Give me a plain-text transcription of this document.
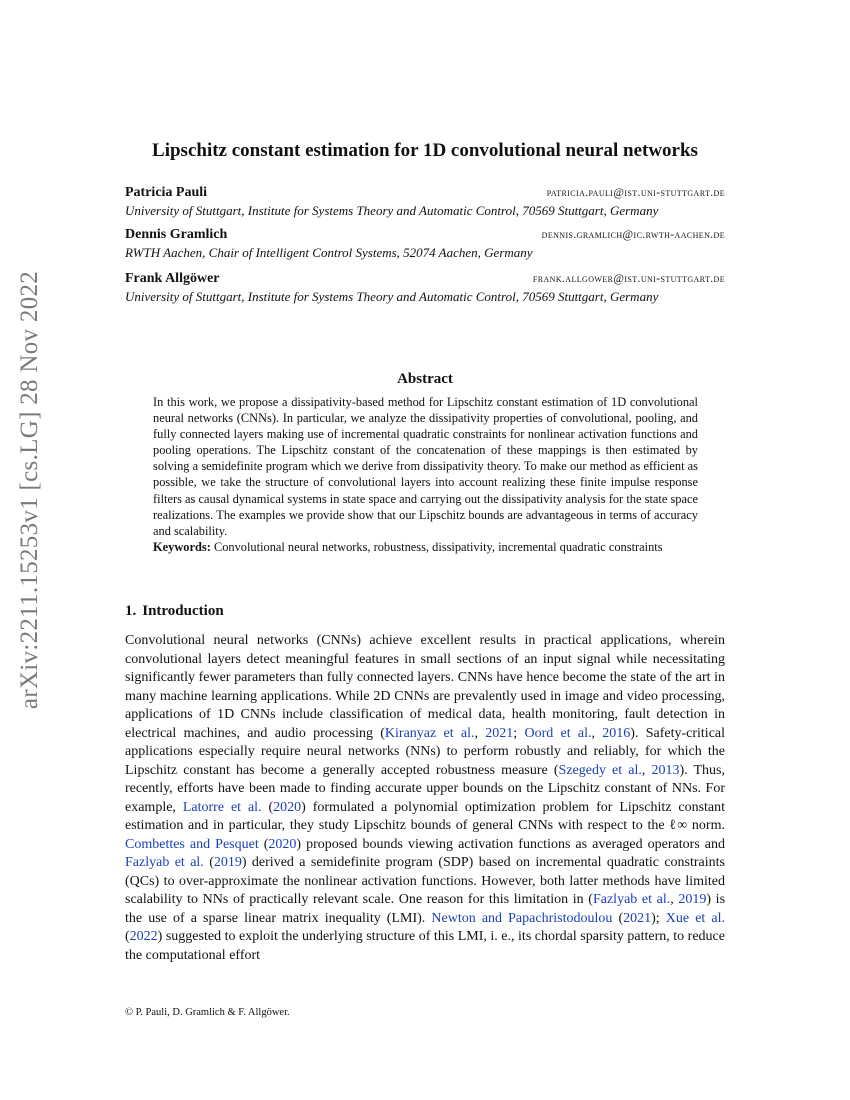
arXiv:2211.15253v1 [cs.LG] 28 Nov 2022
Lipschitz constant estimation for 1D convolutional neural networks
Patricia Pauli	patricia.pauli@ist.uni-stuttgart.de
University of Stuttgart, Institute for Systems Theory and Automatic Control, 70569 Stuttgart, Germany
Dennis Gramlich	dennis.gramlich@ic.rwth-aachen.de
RWTH Aachen, Chair of Intelligent Control Systems, 52074 Aachen, Germany
Frank Allgöwer	frank.allgower@ist.uni-stuttgart.de
University of Stuttgart, Institute for Systems Theory and Automatic Control, 70569 Stuttgart, Germany
Abstract

In this work, we propose a dissipativity-based method for Lipschitz constant estimation of 1D convolutional neural networks (CNNs). In particular, we analyze the dissipativity properties of convolutional, pooling, and fully connected layers making use of incremental quadratic constraints for nonlinear activation functions and pooling operations. The Lipschitz constant of the concatenation of these mappings is then estimated by solving a semidefinite program which we derive from dissipativity theory. To make our method as efficient as possible, we take the structure of convolutional layers into account realizing these finite impulse response filters as causal dynamical systems in state space and carrying out the dissipativity analysis for the state space realizations. The examples we provide show that our Lipschitz bounds are advantageous in terms of accuracy and scalability.

Keywords: Convolutional neural networks, robustness, dissipativity, incremental quadratic constraints

1. Introduction

Convolutional neural networks (CNNs) achieve excellent results in practical applications, wherein convolutional layers detect meaningful features in small sections of an input signal while necessitating significantly fewer parameters than fully connected layers. CNNs have hence become the state of the art in many machine learning applications. While 2D CNNs are prevalently used in image and video processing, applications of 1D CNNs include classification of medical data, health monitoring, fault detection in electrical machines, and audio processing (Kiranyaz et al., 2021; Oord et al., 2016). Safety-critical applications especially require neural networks (NNs) to perform robustly and reliably, for which the Lipschitz constant has become a generally accepted robustness measure (Szegedy et al., 2013). Thus, recently, efforts have been made to finding accurate upper bounds on the Lipschitz constant of NNs. For example, Latorre et al. (2020) formulated a polynomial optimization problem for Lipschitz constant estimation and in particular, they study Lipschitz bounds of general CNNs with respect to the ℓ∞ norm. Combettes and Pesquet (2020) proposed bounds viewing activation functions as averaged operators and Fazlyab et al. (2019) derived a semidefinite program (SDP) based on incremental quadratic constraints (QCs) to over-approximate the nonlinear activation functions. However, both latter methods have limited scalability to NNs of practically relevant scale. One reason for this limitation in (Fazlyab et al., 2019) is the use of a sparse linear matrix inequality (LMI). Newton and Papachristodoulou (2021); Xue et al. (2022) suggested to exploit the underlying structure of this LMI, i. e., its chordal sparsity pattern, to reduce the computational effort

© P. Pauli, D. Gramlich & F. Allgöwer.
